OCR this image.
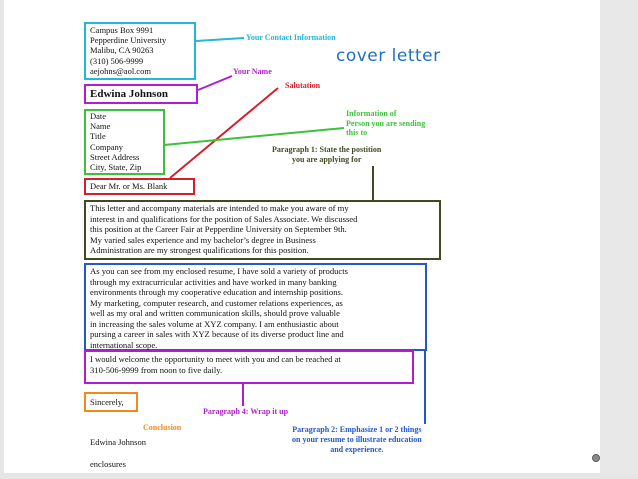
Campus Box 9991
Pepperdine University
Malibu, CA 90263
(310) 506-9999
aejohns@aol.com
cover letter
Edwina Johnson
Date
Name
Title
Company
Street Address
City, State, Zip
Dear Mr. or Ms. Blank
This letter and accompany materials are intended to make you aware of my
interest in and qualifications for the position of Sales Associate. We discussed
this position at the Career Fair at Pepperdine University on September 9th.
My varied sales experience and my bachelor’s degree in Business
Administration are my strongest qualifications for this position.
As you can see from my enclosed resume, I have sold a variety of products
through my extracurricular activities and have worked in many banking
environments through my cooperative education and internship positions.
My marketing, computer research, and customer relations experiences, as
well as my oral and written communication skills, should prove valuable
in increasing the sales volume at XYZ company. I am enthusiastic about
pursing a career in sales with XYZ because of its diverse product line and
international scope.
I would welcome the opportunity to meet with you and can be reached at
310-506-9999 from noon to five daily.
Sincerely,
Edwina Johnson
enclosures
Your Contact Information
Your Name
Salutation
Information of
Person you are sending
this to
Paragraph 1: State the postition
you are applying for
Conclusion
Paragraph 4: Wrap it up
Paragraph 2: Emphasize 1 or 2 things
on your resume to illustrate education
and experience.
